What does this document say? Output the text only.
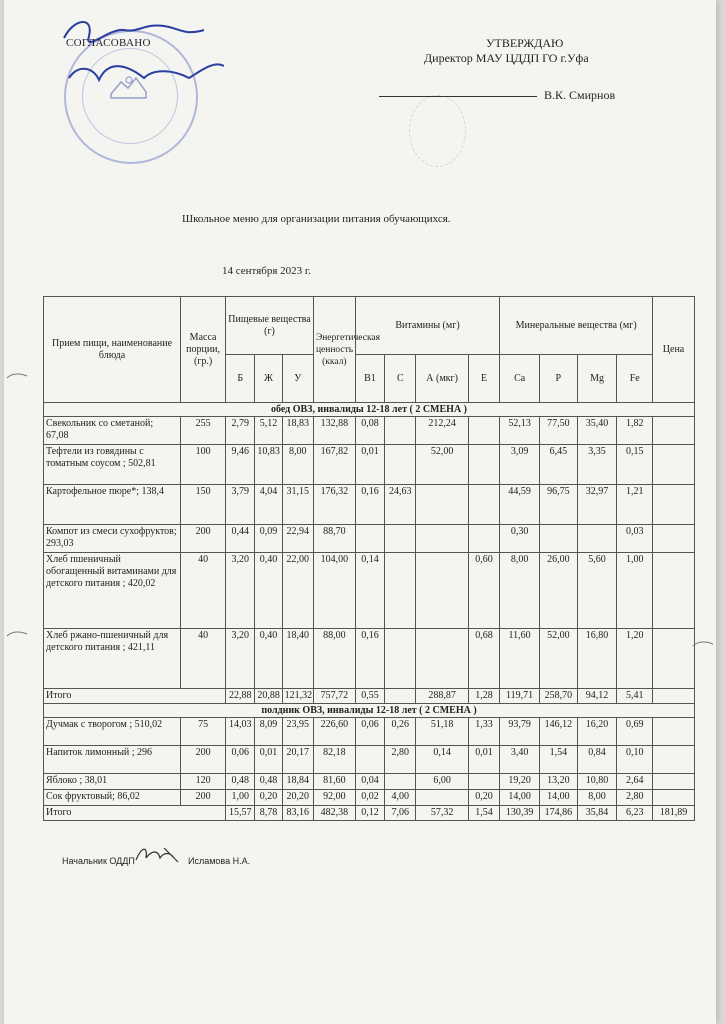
СОГЛАСОВАНО	УТВЕРЖДАЮ
Директор МАУ ЦДДП ГО г.Уфа
В.К. Смирнов
Школьное меню для организации питания обучающихся.
14 сентября 2023 г.
Прием пищи, наименование блюда	Масса порции, (гр.)	Пищевые вещества (г)			Энергетическая ценность (ккал)	Витамины (мг)				Минеральные вещества (мг)				Цена
		Б	Ж	У		В1	С	А (мкг)	Е	Ca	P	Mg	Fe	
обед ОВЗ, инвалиды 12-18 лет ( 2 СМЕНА )														
Свекольник со сметаной; 67,08	255	2,79	5,12	18,83	132,88	0,08		212,24		52,13	77,50	35,40	1,82	
Тефтели из говядины с томатным соусом ; 502,81	100	9,46	10,83	8,00	167,82	0,01		52,00		3,09	6,45	3,35	0,15	
Картофельное пюре*; 138,4	150	3,79	4,04	31,15	176,32	0,16	24,63			44,59	96,75	32,97	1,21	
Компот из смеси сухофруктов; 293,03	200	0,44	0,09	22,94	88,70					0,30			0,03	
Хлеб пшеничный обогащенный витаминами для детского питания ; 420,02	40	3,20	0,40	22,00	104,00	0,14			0,60	8,00	26,00	5,60	1,00	
Хлеб ржано-пшеничный для детского питания ; 421,11	40	3,20	0,40	18,40	88,00	0,16			0,68	11,60	52,00	16,80	1,20	
Итого		22,88	20,88	121,32	757,72	0,55		288,87	1,28	119,71	258,70	94,12	5,41	
полдник ОВЗ, инвалиды 12-18 лет ( 2 СМЕНА )														
Дучмак с творогом ; 510,02	75	14,03	8,09	23,95	226,60	0,06	0,26	51,18	1,33	93,79	146,12	16,20	0,69	
Напиток лимонный ; 296	200	0,06	0,01	20,17	82,18		2,80	0,14	0,01	3,40	1,54	0,84	0,10	
Яблоко ; 38,01	120	0,48	0,48	18,84	81,60	0,04		6,00		19,20	13,20	10,80	2,64	
Сок фруктовый; 86,02	200	1,00	0,20	20,20	92,00	0,02	4,00		0,20	14,00	14,00	8,00	2,80	
Итого		15,57	8,78	83,16	482,38	0,12	7,06	57,32	1,54	130,39	174,86	35,84	6,23	181,89
Начальник ОДДП	Исламова Н.А.
